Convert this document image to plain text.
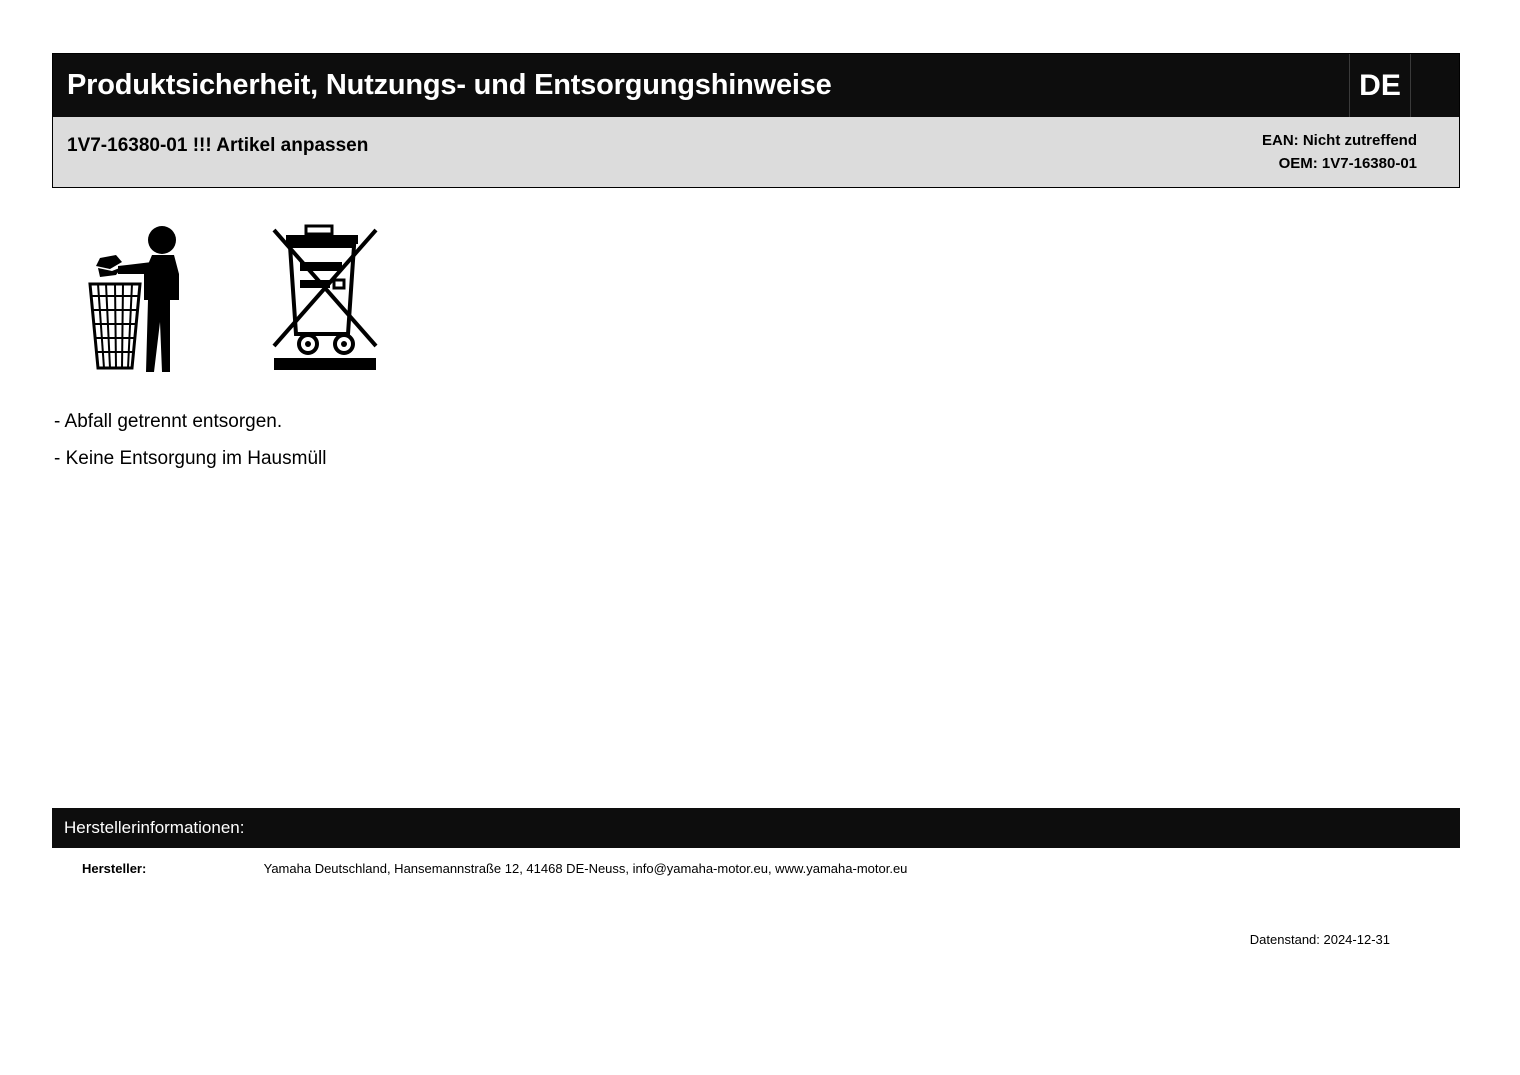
Produktsicherheit, Nutzungs- und Entsorgungshinweise	DE
1V7-16380-01 !!! Artikel anpassen	EAN: Nicht zutreffend
OEM: 1V7-16380-01
- Abfall getrennt entsorgen.
- Keine Entsorgung im Hausmüll
Herstellerinformationen:
Hersteller:	Yamaha Deutschland, Hansemannstraße 12, 41468 DE-Neuss, info@yamaha-motor.eu, www.yamaha-motor.eu
Datenstand: 2024-12-31
